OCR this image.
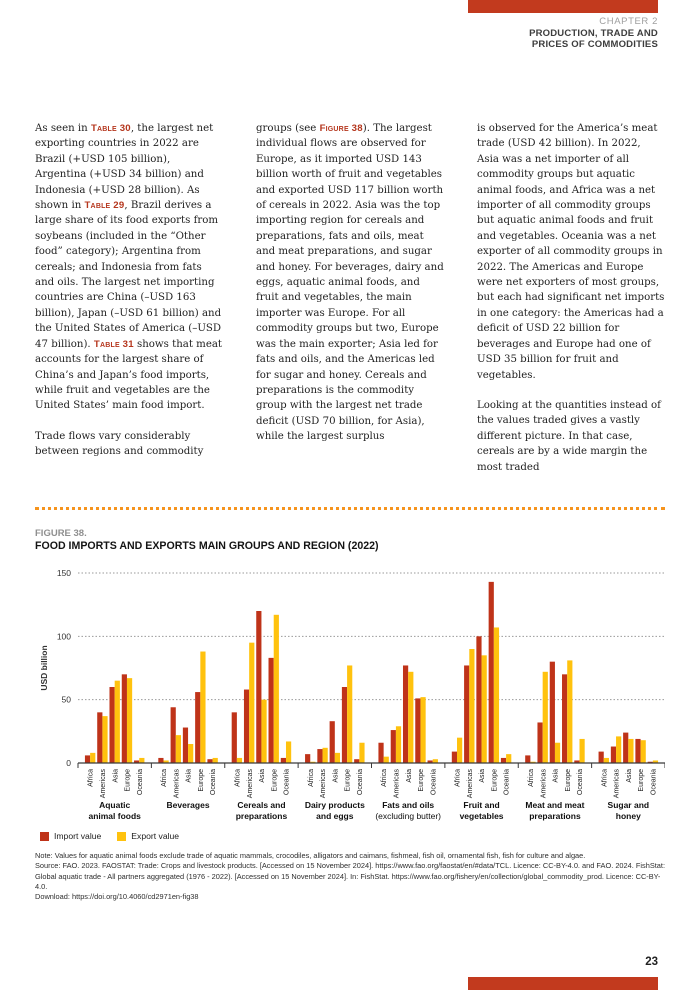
CHAPTER 2
PRODUCTION, TRADE AND
PRICES OF COMMODITIES

As seen in Table 30, the largest net exporting countries in 2022 are Brazil (+USD 105 billion), Argentina (+USD 34 billion) and Indonesia (+USD 28 billion). As shown in Table 29, Brazil derives a large share of its food exports from soybeans (included in the “Other food” category); Argentina from cereals; and Indonesia from fats and oils. The largest net importing countries are China (–USD 163 billion), Japan (–USD 61 billion) and the United States of America (–USD 47 billion). Table 31 shows that meat accounts for the largest share of China’s and Japan’s food imports, while fruit and vegetables are the United States’ main food import.

Trade flows vary considerably between regions and commodity

groups (see Figure 38). The largest individual flows are observed for Europe, as it imported USD 143 billion worth of fruit and vegetables and exported USD 117 billion worth of cereals in 2022. Asia was the top importing region for cereals and preparations, fats and oils, meat and meat preparations, and sugar and honey. For beverages, dairy and eggs, aquatic animal foods, and fruit and vegetables, the main importer was Europe. For all commodity groups but two, Europe was the main exporter; Asia led for fats and oils, and the Americas led for sugar and honey. Cereals and preparations is the commodity group with the largest net trade deficit (USD 70 billion, for Asia), while the largest surplus

is observed for the America’s meat trade (USD 42 billion). In 2022, Asia was a net importer of all commodity groups but aquatic animal foods, and Africa was a net importer of all commodity groups but aquatic animal foods and fruit and vegetables. Oceania was a net exporter of all commodity groups in 2022. The Americas and Europe were net exporters of most groups, but each had significant net imports in one category: the Americas had a deficit of USD 22 billion for beverages and Europe had one of USD 35 billion for fruit and vegetables.

Looking at the quantities instead of the values traded gives a vastly different picture. In that case, cereals are by a wide margin the most traded

FIGURE 38.
FOOD IMPORTS AND EXPORTS MAIN GROUPS AND REGION (2022)
0
50
100
150
USD billion
Africa Americas Asia Europe Oceania
Aquatic
animal foods
Africa Americas Asia Europe Oceania
Beverages
Africa Americas Asia Europe Oceania
Cereals and
preparations
Africa Americas Asia Europe Oceania
Dairy products
and eggs
Africa Americas Asia Europe Oceania
Fats and oils
(excluding butter)
Africa Americas Asia Europe Oceania
Fruit and
vegetables
Africa Americas Asia Europe Oceania
Meat and meat
preparations
Africa Americas Asia Europe Oceania
Sugar and
honey
Import value	Export value

Note: Values for aquatic animal foods exclude trade of aquatic mammals, crocodiles, alligators and caimans, fishmeal, fish oil, ornamental fish, fish for culture and algae.

Source: FAO. 2023. FAOSTAT: Trade: Crops and livestock products. [Accessed on 15 November 2024]. https://www.fao.org/faostat/en/#data/TCL. Licence: CC-BY-4.0. and FAO. 2024. FishStat: Global aquatic trade - All partners aggregated (1976 - 2022). [Accessed on 15 November 2024]. In: FishStat. https://www.fao.org/fishery/en/collection/global_commodity_prod. Licence: CC-BY-4.0.

Download: https://doi.org/10.4060/cd2971en-fig38

23
